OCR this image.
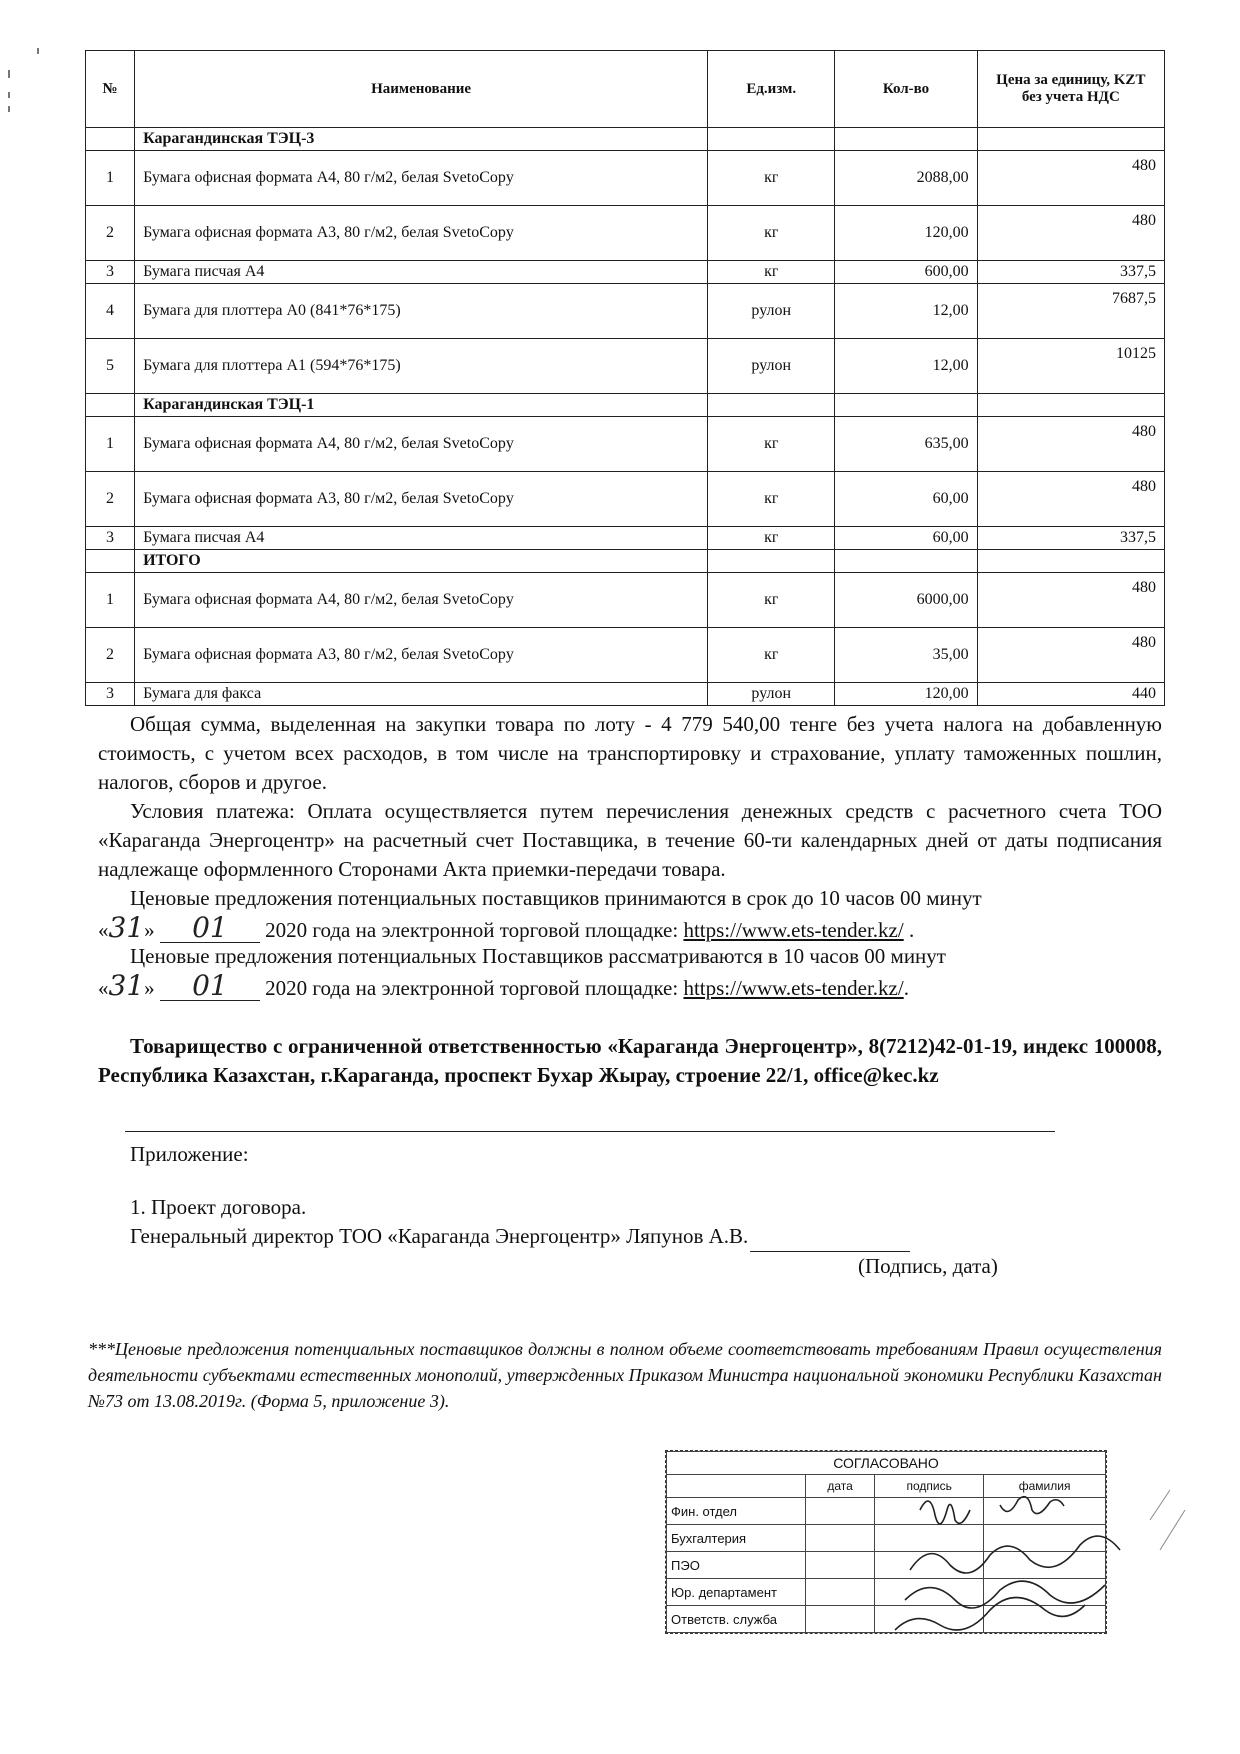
№	Наименование	Ед.изм.	Кол-во	Цена за единицу, KZT без учета НДС
	Карагандинская ТЭЦ-3			
1	Бумага офисная формата А4, 80 г/м2, белая SvetoCopy	кг	2088,00	480
2	Бумага офисная формата А3, 80 г/м2, белая SvetoCopy	кг	120,00	480
3	Бумага писчая А4	кг	600,00	337,5
4	Бумага для плоттера А0 (841*76*175)	рулон	12,00	7687,5
5	Бумага для плоттера А1 (594*76*175)	рулон	12,00	10125
	Карагандинская ТЭЦ-1			
1	Бумага офисная формата А4, 80 г/м2, белая SvetoCopy	кг	635,00	480
2	Бумага офисная формата А3, 80 г/м2, белая SvetoCopy	кг	60,00	480
3	Бумага писчая А4	кг	60,00	337,5
	ИТОГО			
1	Бумага офисная формата А4, 80 г/м2, белая SvetoCopy	кг	6000,00	480
2	Бумага офисная формата А3, 80 г/м2, белая SvetoCopy	кг	35,00	480
3	Бумага для факса	рулон	120,00	440
Общая сумма, выделенная на закупки товара по лоту - 4 779 540,00 тенге без учета налога на добавленную стоимость, с учетом всех расходов, в том числе на транспортировку и страхование, уплату таможенных пошлин, налогов, сборов и другое.
Условия платежа: Оплата осуществляется путем перечисления денежных средств с расчетного счета ТОО «Караганда Энергоцентр» на расчетный счет Поставщика, в течение 60-ти календарных дней от даты подписания надлежаще оформленного Сторонами Акта приемки-передачи товара.
Ценовые предложения потенциальных поставщиков принимаются в срок до 10 часов 00 минут
«31» 01 2020 года на электронной торговой площадке: https://www.ets-tender.kz/ .
Ценовые предложения потенциальных Поставщиков рассматриваются в 10 часов 00 минут
«31» 01 2020 года на электронной торговой площадке: https://www.ets-tender.kz/.
Товарищество с ограниченной ответственностью «Караганда Энергоцентр», 8(7212)42-01-19, индекс 100008, Республика Казахстан, г.Караганда, проспект Бухар Жырау, строение 22/1, office@kec.kz
Приложение:
1. Проект договора.
Генеральный директор ТОО «Караганда Энергоцентр» Ляпунов А.В.
(Подпись, дата)
***Ценовые предложения потенциальных поставщиков должны в полном объеме соответствовать требованиям Правил осуществления деятельности субъектами естественных монополий, утвержденных Приказом Министра национальной экономики Республики Казахстан №73 от 13.08.2019г. (Форма 5, приложение 3).
СОГЛАСОВАНО			
	дата	подпись	фамилия
Фин. отдел			
Бухгалтерия			
ПЭО			
Юр. департамент			
Ответств. служба			
